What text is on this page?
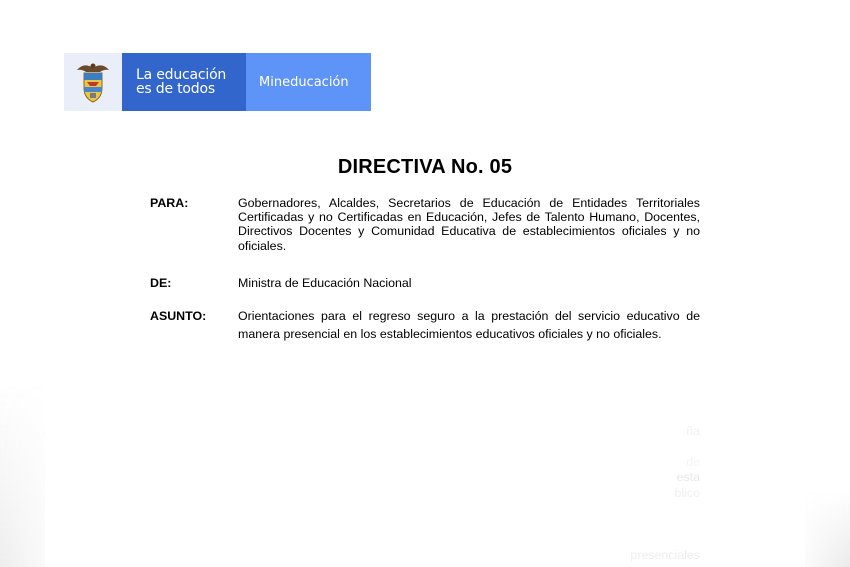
La educación
es de todos	Mineducación
DIRECTIVA No. 05
PARA:	Gobernadores, Alcaldes, Secretarios de Educación de Entidades Territoriales Certificadas y no Certificadas en Educación, Jefes de Talento Humano, Docentes, Directivos Docentes y Comunidad Educativa de establecimientos oficiales y no oficiales.
DE:	Ministra de Educación Nacional
ASUNTO:	Orientaciones para el regreso seguro a la prestación del servicio educativo de manera presencial en los establecimientos educativos oficiales y no oficiales.
ña
esta
blico
presenciales
